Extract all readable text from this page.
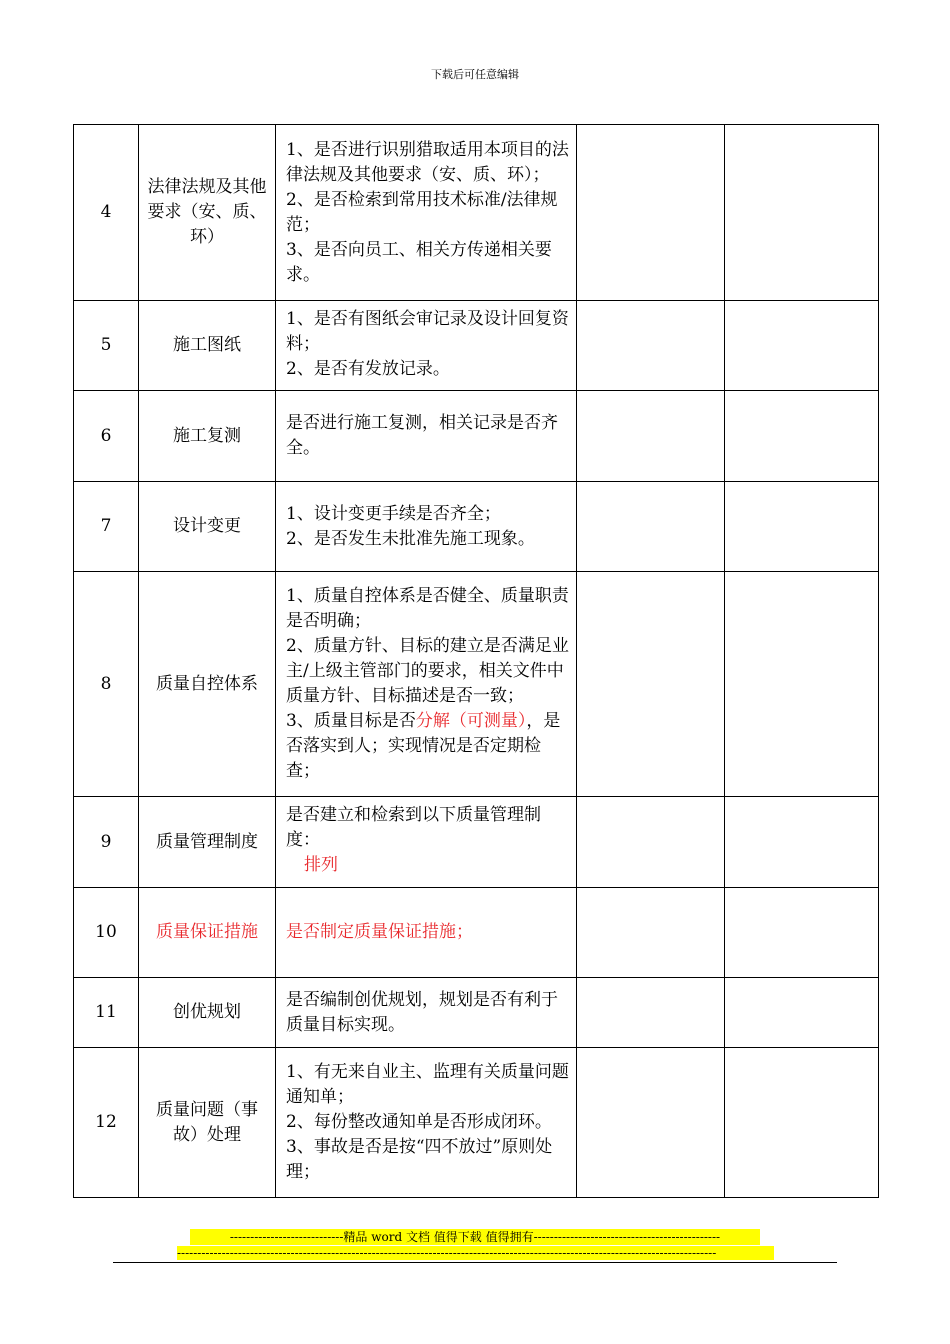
下载后可任意编辑
4	法律法规及其他要求（安、质、环）	1、是否进行识别猎取适用本项目的法律法规及其他要求（安、质、环）；
2、是否检索到常用技术标准/法律规范；
3、是否向员工、相关方传递相关要求。		

5	施工图纸	1、是否有图纸会审记录及设计回复资料；
2、是否有发放记录。		

6	施工复测	是否进行施工复测，相关记录是否齐全。		

7	设计变更	1、设计变更手续是否齐全；
2、是否发生未批准先施工现象。		

8	质量自控体系	1、质量自控体系是否健全、质量职责是否明确；
2、质量方针、目标的建立是否满足业主/上级主管部门的要求，相关文件中质量方针、目标描述是否一致；
3、质量目标是否分解（可测量），是否落实到人；实现情况是否定期检查；		

9	质量管理制度	是否建立和检索到以下质量管理制度：
排列		

10	质量保证措施	是否制定质量保证措施；		

11	创优规划	是否编制创优规划，规划是否有利于质量目标实现。		

12	质量问题（事故）处理	1、有无来自业主、监理有关质量问题通知单；
2、每份整改通知单是否形成闭环。
3、事故是否是按“四不放过”原则处理；		

----------------------------精品 word 文档 值得下载 值得拥有----------------------------------------------
-------------------------------------------------------------------------------------------------------------------------------------
